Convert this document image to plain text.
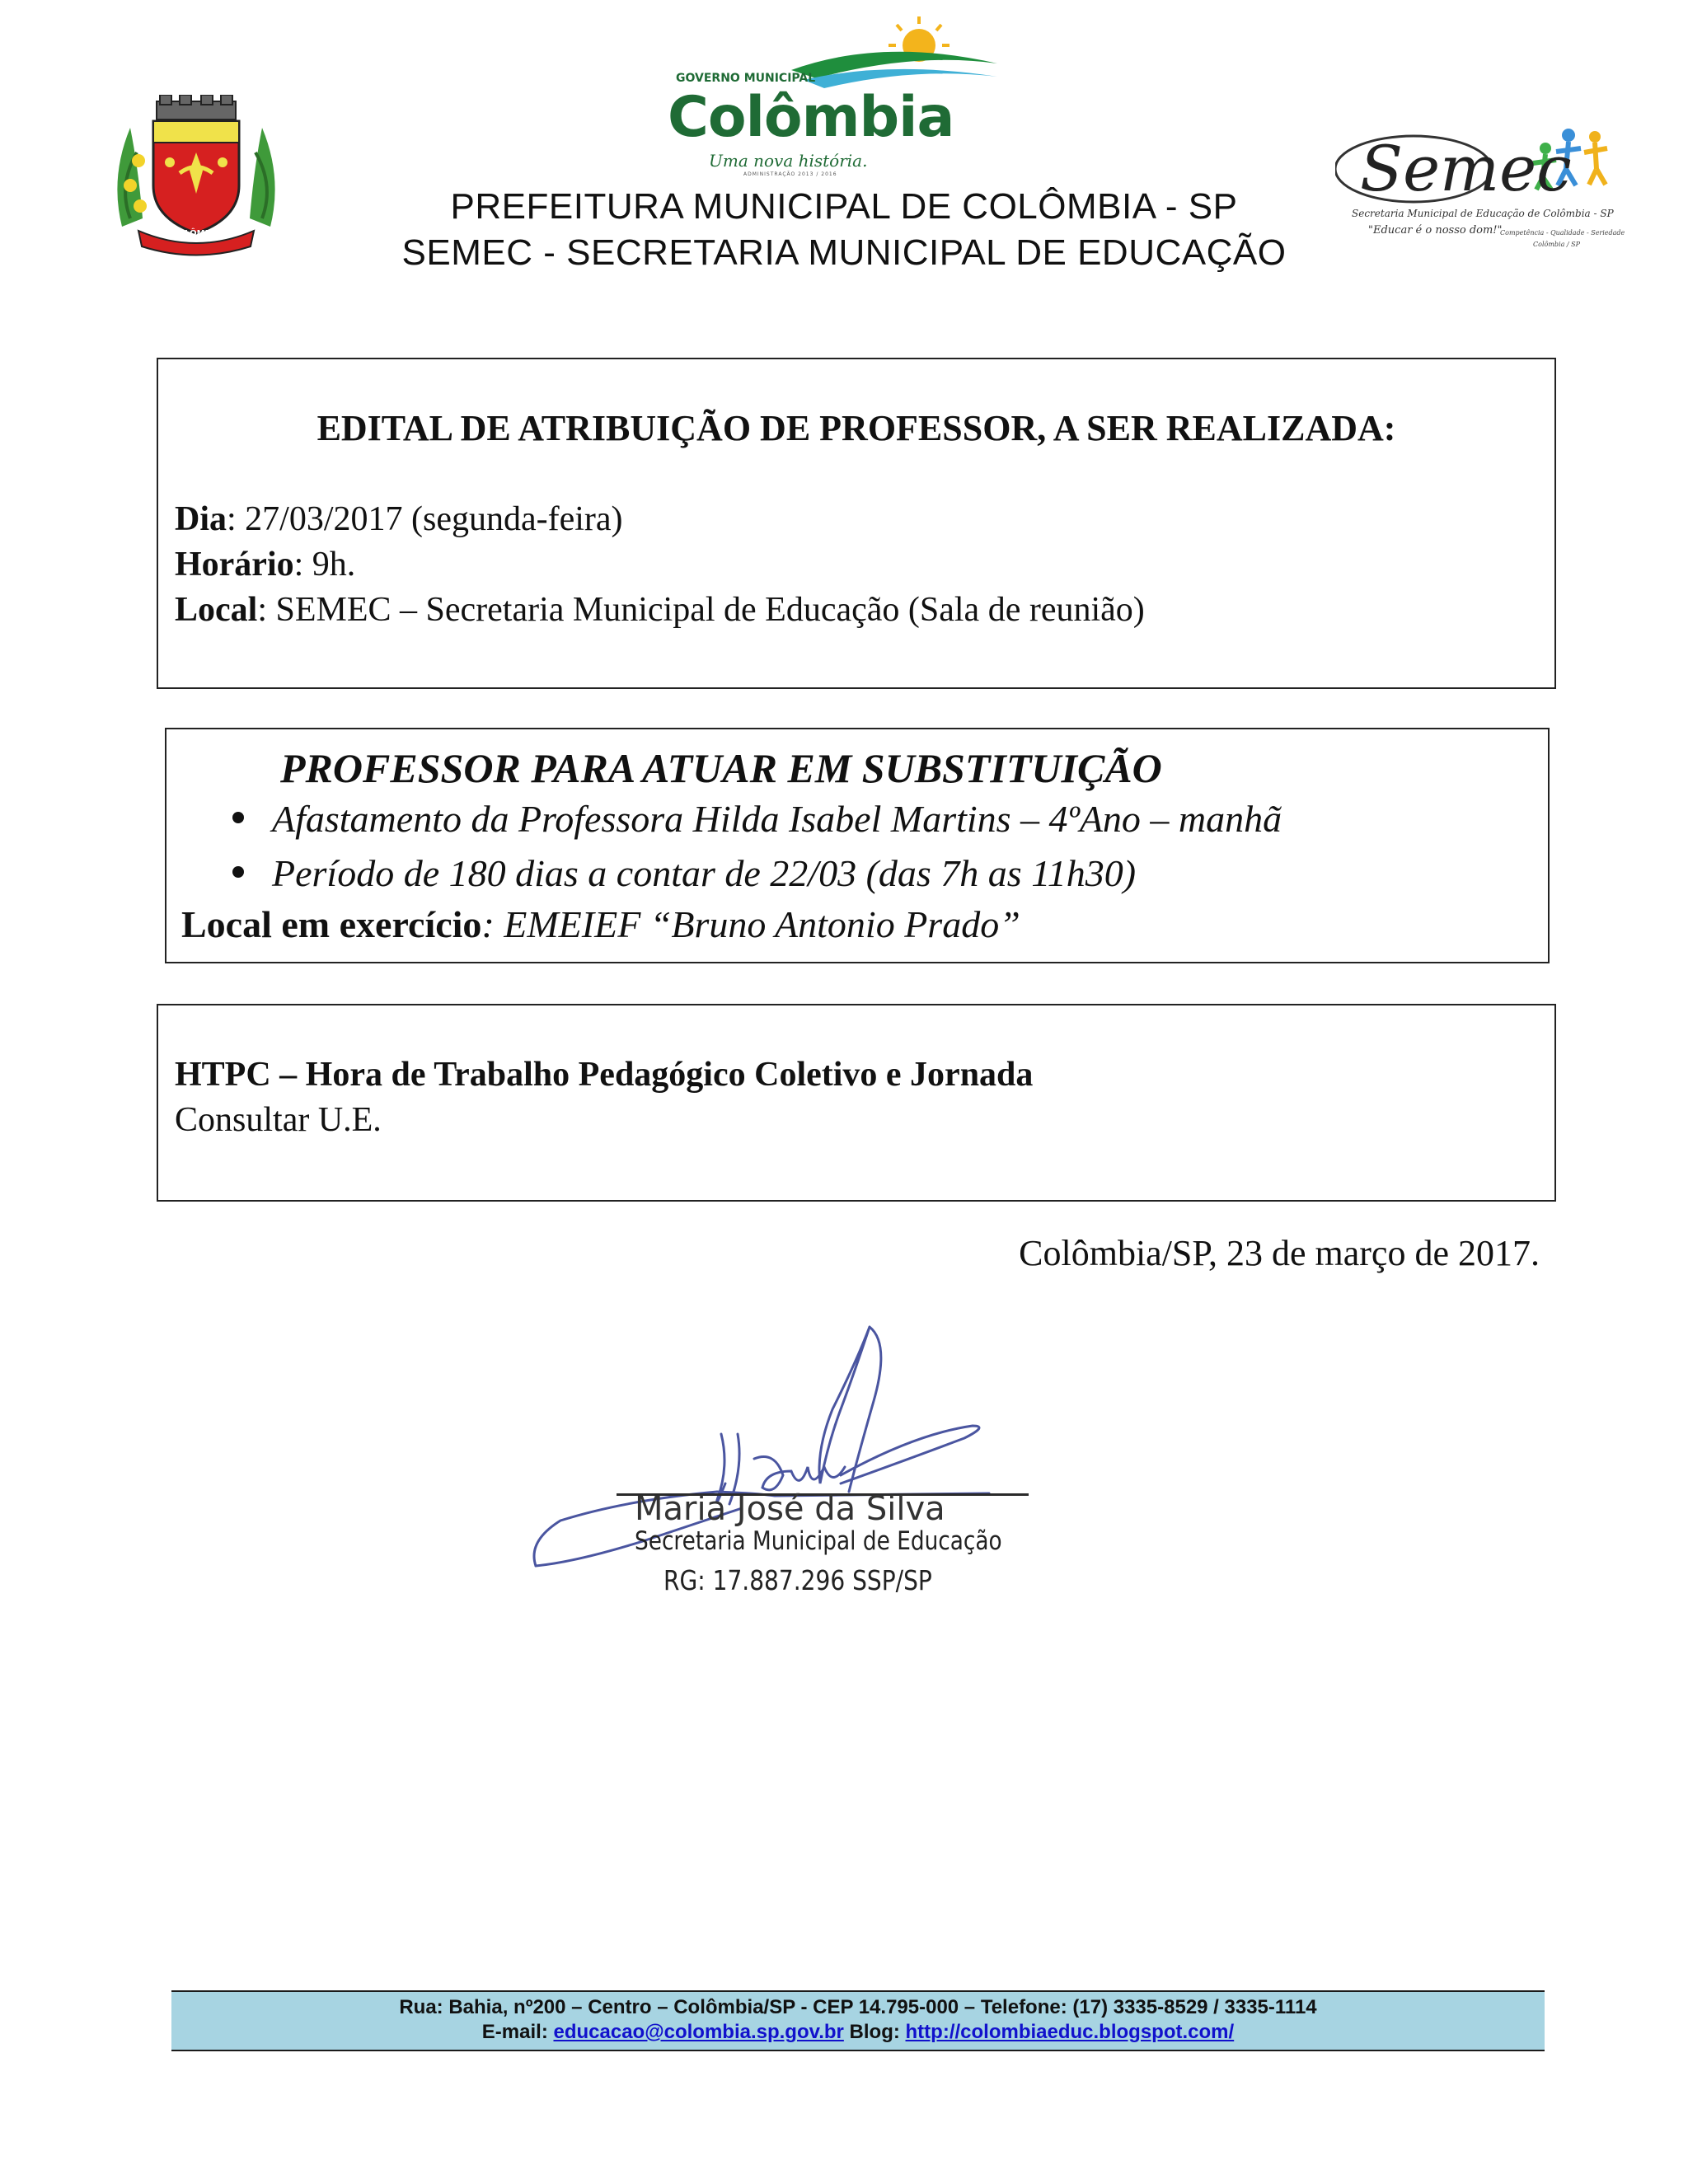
COLÔMBIA
GOVERNO MUNICIPAL
Colômbia
Uma nova história.
ADMINISTRAÇÃO 2013 / 2016
PREFEITURA MUNICIPAL DE COLÔMBIA - SP
SEMEC - SECRETARIA MUNICIPAL DE EDUCAÇÃO
Semec
Secretaria Municipal de Educação de Colômbia - SP
"Educar é o nosso dom!"
Competência - Qualidade - Seriedade
Colômbia / SP
EDITAL DE ATRIBUIÇÃO DE PROFESSOR, A SER REALIZADA:
Dia: 27/03/2017 (segunda-feira)
Horário: 9h.
Local: SEMEC – Secretaria Municipal de Educação (Sala de reunião)
PROFESSOR PARA ATUAR EM SUBSTITUIÇÃO
Afastamento da Professora Hilda Isabel Martins – 4ºAno – manhã
Período de 180 dias a contar de 22/03 (das 7h as 11h30)
Local em exercício: EMEIEF “Bruno Antonio Prado”
HTPC – Hora de Trabalho Pedagógico Coletivo e Jornada
Consultar U.E.
Colômbia/SP, 23 de março de 2017.
Maria José da Silva
Secretaria Municipal de Educação
RG: 17.887.296 SSP/SP
Rua: Bahia, nº200 – Centro – Colômbia/SP - CEP 14.795-000 – Telefone: (17) 3335-8529 / 3335-1114
E-mail: educacao@colombia.sp.gov.br Blog: http://colombiaeduc.blogspot.com/
